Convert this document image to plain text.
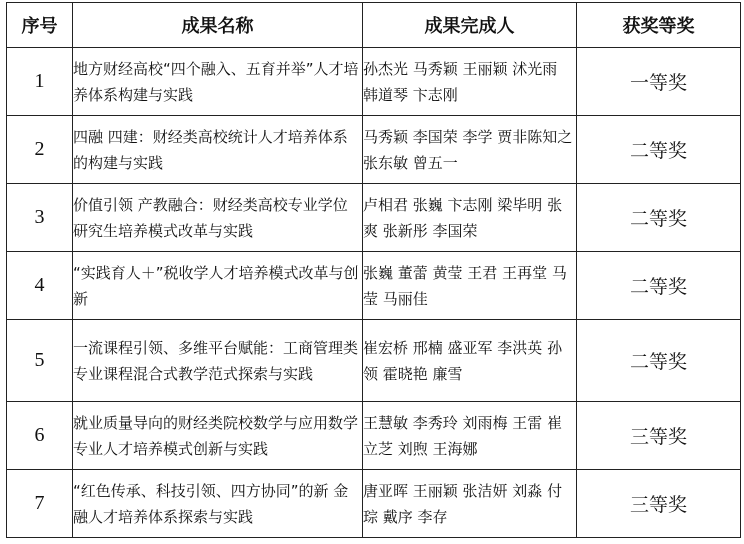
序号	成果名称	成果完成人	获奖等奖
1	地方财经高校“四个融入、五育并举”人才培养体系构建与实践	孙杰光 马秀颖 王丽颖 沭光雨 韩道琴 卞志刚	一等奖
2	四融 四建：财经类高校统计人才培养体系的构建与实践	马秀颖 李国荣 李学 贾非陈知之 张东敏 曾五一	二等奖
3	价值引领 产教融合：财经类高校专业学位研究生培养模式改革与实践	卢相君 张巍 卞志刚 梁毕明 张爽 张新彤 李国荣	二等奖
4	“实践育人＋”税收学人才培养模式改革与创新	张巍 董蕾 黄莹 王君 王再堂 马莹 马丽佳	二等奖
5	一流课程引领、多维平台赋能：工商管理类专业课程混合式教学范式探索与实践	崔宏桥 邢楠 盛亚军 李洪英 孙领 霍晓艳 廉雪	二等奖
6	就业质量导向的财经类院校数学与应用数学专业人才培养模式创新与实践	王慧敏 李秀玲 刘雨梅 王雷 崔立芝 刘煦 王海娜	三等奖
7	“红色传承、科技引领、四方协同”的新 金融人才培养体系探索与实践	唐亚晖 王丽颖 张洁妍 刘淼 付琮 戴序 李存	三等奖
